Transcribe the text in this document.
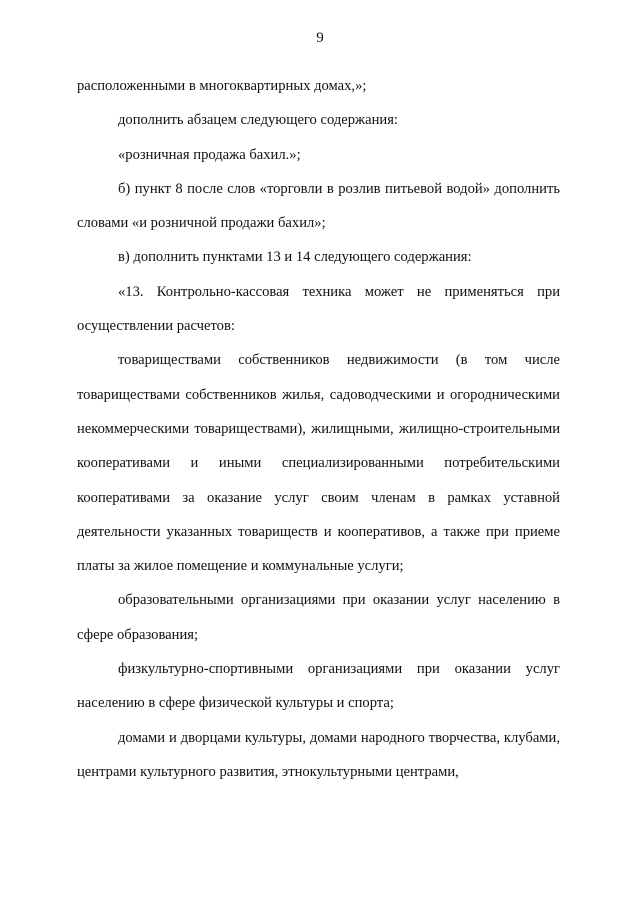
9

расположенными в многоквартирных домах,»;

дополнить абзацем следующего содержания:

«розничная продажа бахил.»;

б) пункт 8 после слов «торговли в розлив питьевой водой» дополнить словами «и розничной продажи бахил»;

в) дополнить пунктами 13 и 14 следующего содержания:

«13. Контрольно-кассовая техника может не применяться при осуществлении расчетов:

товариществами собственников недвижимости (в том числе товариществами собственников жилья, садоводческими и огородническими некоммерческими товариществами), жилищными, жилищно-строительными кооперативами и иными специализированными потребительскими кооперативами за оказание услуг своим членам в рамках уставной деятельности указанных товариществ и кооперативов, а также при приеме платы за жилое помещение и коммунальные услуги;

образовательными организациями при оказании услуг населению в сфере образования;

физкультурно-спортивными организациями при оказании услуг населению в сфере физической культуры и спорта;

домами и дворцами культуры, домами народного творчества, клубами, центрами культурного развития, этнокультурными центрами,
